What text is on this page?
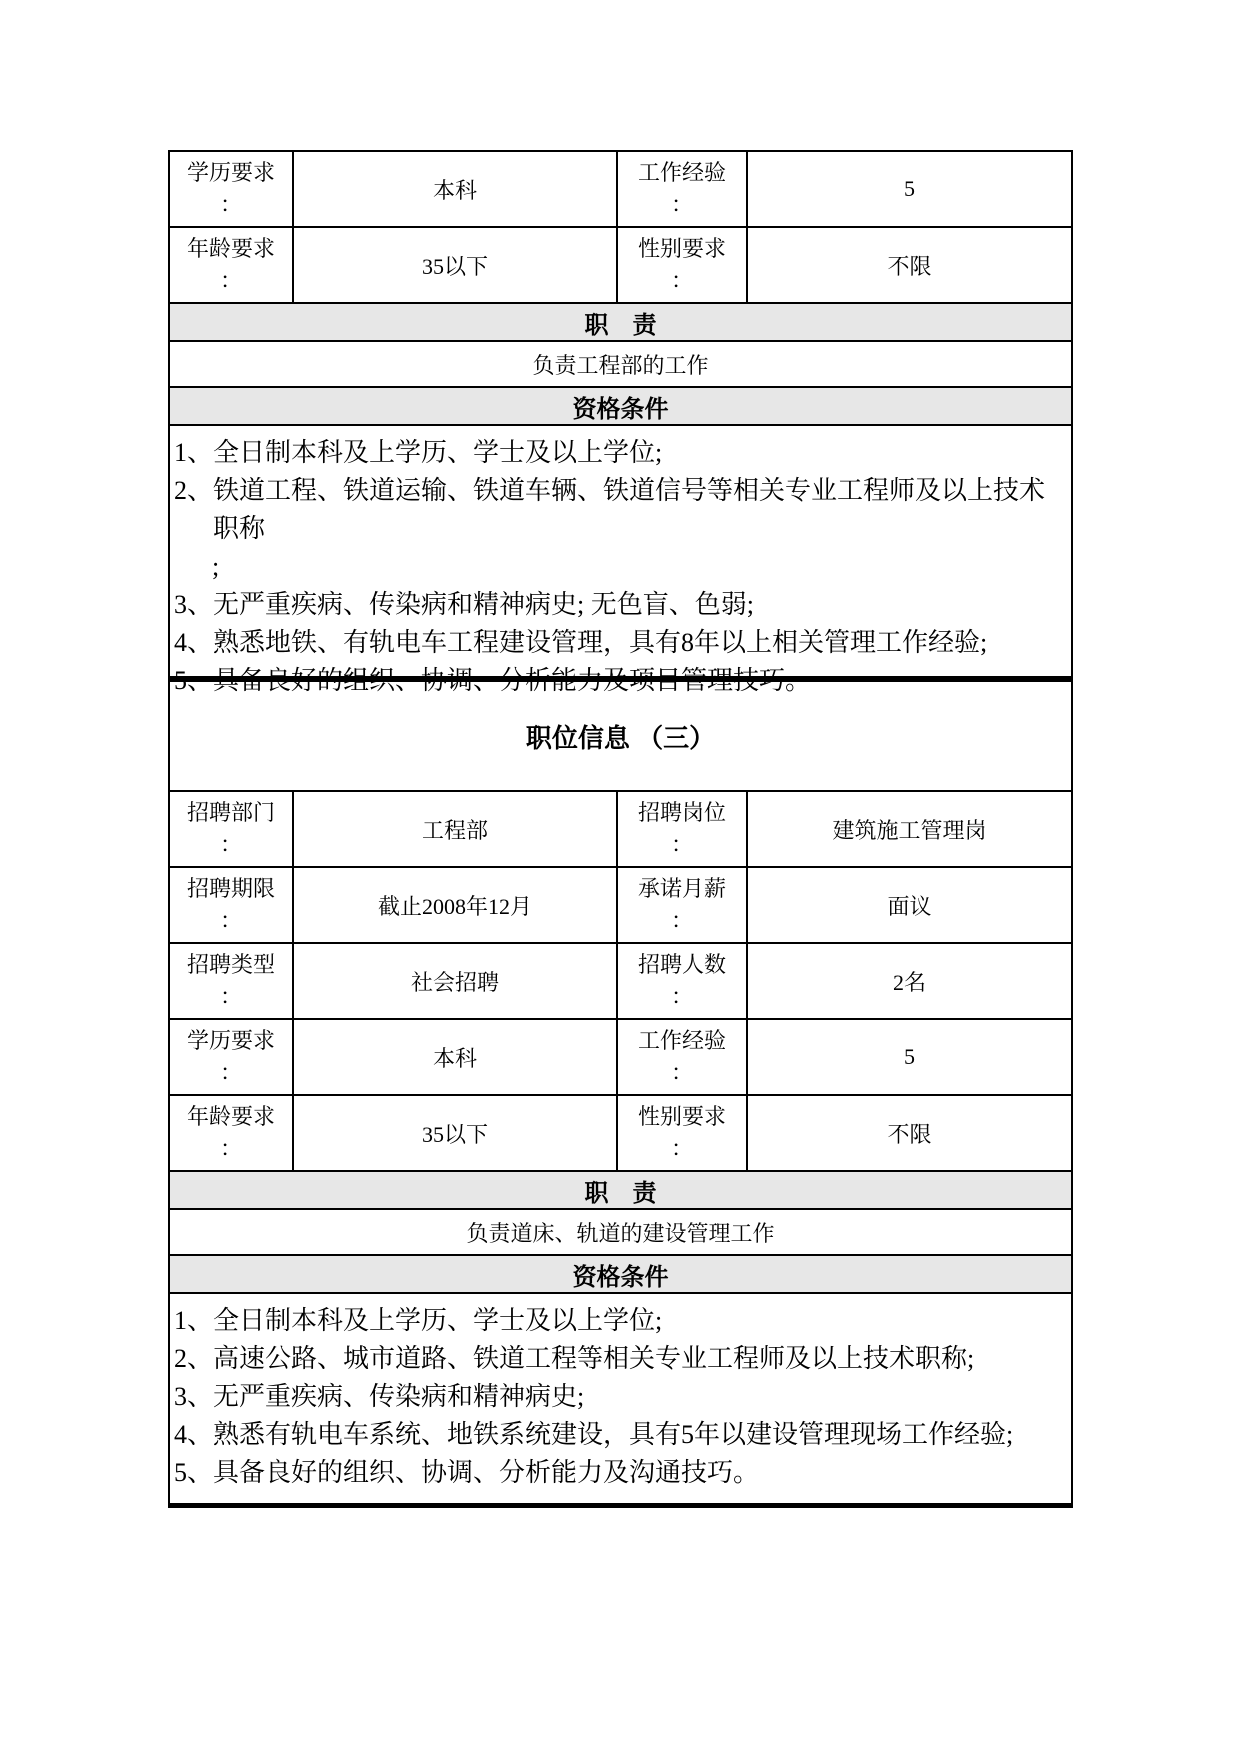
学历要求
：
本科
工作经验
：
5
年龄要求
：
35以下
性别要求
：
不限
职　责
负责工程部的工作
资格条件
1、 全日制本科及上学历、学士及以上学位;
2、 铁道工程、铁道运输、铁道车辆、铁道信号等相关专业工程师及以上技术职称
;
3、 无严重疾病、传染病和精神病史; 无色盲、色弱;
4、 熟悉地铁、有轨电车工程建设管理，具有8年以上相关管理工作经验;
5、 具备良好的组织、协调、分析能力及项目管理技巧。
职位信息 （三）
招聘部门
：
工程部
招聘岗位
：
建筑施工管理岗
招聘期限
：
截止2008年12月
承诺月薪
：
面议
招聘类型
：
社会招聘
招聘人数
：
2名
学历要求
：
本科
工作经验
：
5
年龄要求
：
35以下
性别要求
：
不限
职　责
负责道床、轨道的建设管理工作
资格条件
1、 全日制本科及上学历、学士及以上学位;
2、 高速公路、城市道路、铁道工程等相关专业工程师及以上技术职称;
3、 无严重疾病、传染病和精神病史;
4、 熟悉有轨电车系统、地铁系统建设，具有5年以建设管理现场工作经验;
5、 具备良好的组织、协调、分析能力及沟通技巧。
